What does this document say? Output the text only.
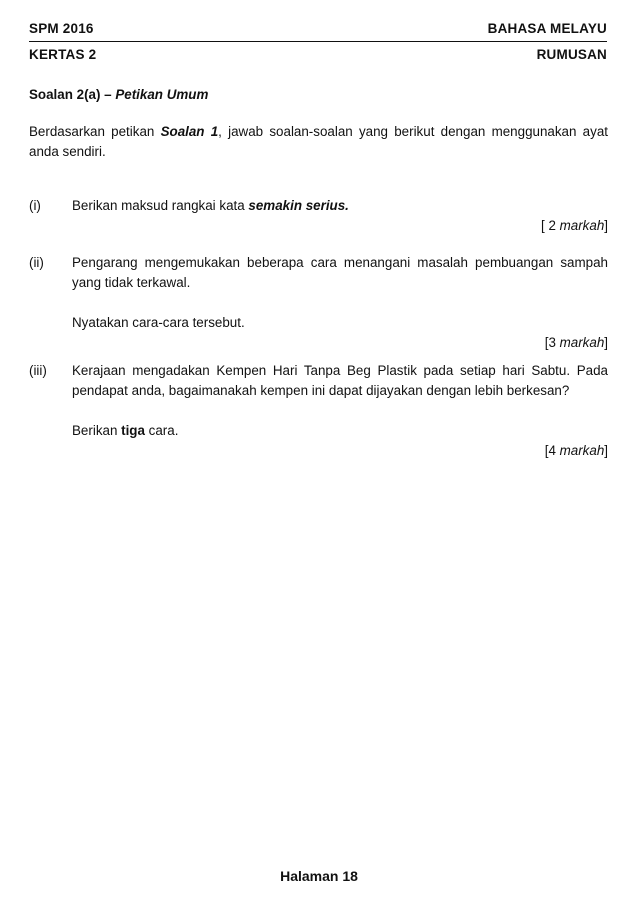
SPM 2016	BAHASA MELAYU
KERTAS 2	RUMUSAN
Soalan 2(a) – Petikan Umum
Berdasarkan petikan Soalan 1, jawab soalan-soalan yang berikut dengan menggunakan ayat anda sendiri.
(i)	Berikan maksud rangkai kata semakin serius.

[ 2 markah]
(ii)	Pengarang mengemukakan beberapa cara menangani masalah pembuangan sampah yang tidak terkawal.

Nyatakan cara-cara tersebut.

[3 markah]
(iii)	Kerajaan mengadakan Kempen Hari Tanpa Beg Plastik pada setiap hari Sabtu. Pada pendapat anda, bagaimanakah kempen ini dapat dijayakan dengan lebih berkesan?

Berikan tiga cara.

[4 markah]
Halaman 18
